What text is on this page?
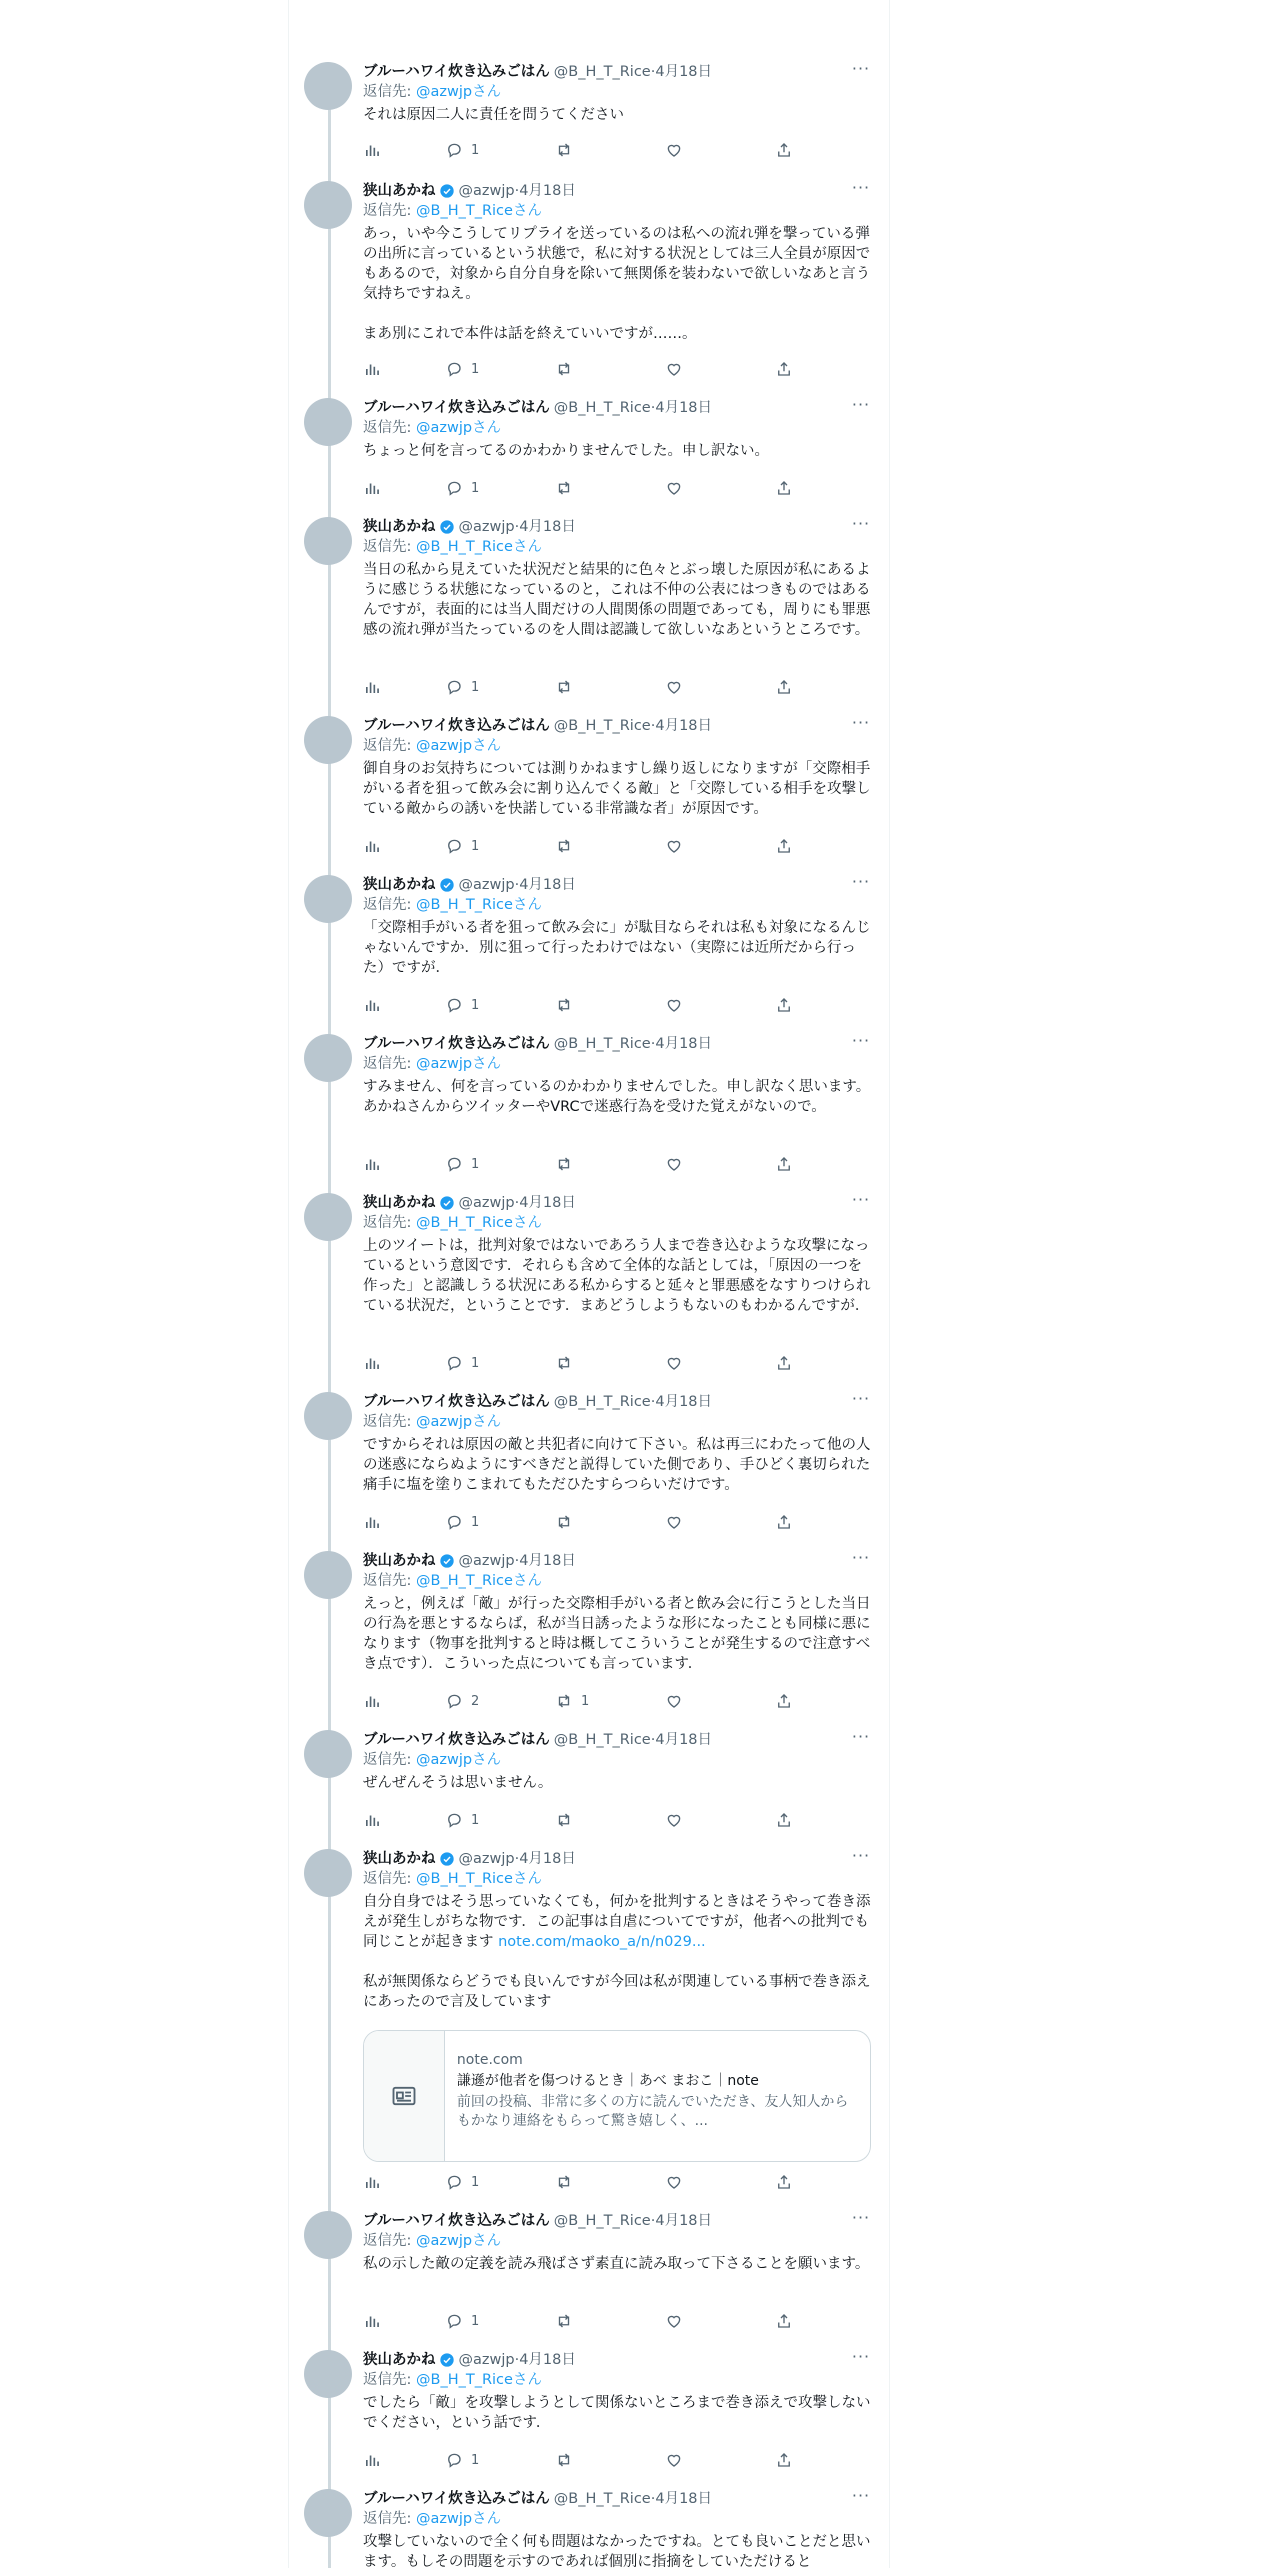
ブルーハワイ炊き込みごはん @B_H_T_Rice · 4月18日	···
返信先: @azwjpさん
それは原因二人に責任を問うてください
1
狭山あかね @azwjp · 4月18日	···
返信先: @B_H_T_Riceさん
あっ，いや今こうしてリプライを送っているのは私への流れ弾を撃っている弾の出所に言っているという状態で，私に対する状況としては三人全員が原因でもあるので，対象から自分自身を除いて無関係を装わないで欲しいなあと言う気持ちですねえ。

まあ別にこれで本件は話を終えていいですが……。
1
ブルーハワイ炊き込みごはん @B_H_T_Rice · 4月18日	···
返信先: @azwjpさん
ちょっと何を言ってるのかわかりませんでした。申し訳ない。
1
狭山あかね @azwjp · 4月18日	···
返信先: @B_H_T_Riceさん
当日の私から見えていた状況だと結果的に色々とぶっ壊した原因が私にあるように感じうる状態になっているのと，これは不仲の公表にはつきものではあるんですが，表面的には当人間だけの人間関係の問題であっても，周りにも罪悪感の流れ弾が当たっているのを人間は認識して欲しいなあというところです。
1
ブルーハワイ炊き込みごはん @B_H_T_Rice · 4月18日	···
返信先: @azwjpさん
御自身のお気持ちについては測りかねますし繰り返しになりますが「交際相手がいる者を狙って飲み会に割り込んでくる敵」と「交際している相手を攻撃している敵からの誘いを快諾している非常識な者」が原因です。
1
狭山あかね @azwjp · 4月18日	···
返信先: @B_H_T_Riceさん
「交際相手がいる者を狙って飲み会に」が駄目ならそれは私も対象になるんじゃないんですか．別に狙って行ったわけではない（実際には近所だから行った）ですが．
1
ブルーハワイ炊き込みごはん @B_H_T_Rice · 4月18日	···
返信先: @azwjpさん
すみません、何を言っているのかわかりませんでした。申し訳なく思います。あかねさんからツイッターやVRCで迷惑行為を受けた覚えがないので。
1
狭山あかね @azwjp · 4月18日	···
返信先: @B_H_T_Riceさん
上のツイートは，批判対象ではないであろう人まで巻き込むような攻撃になっているという意図です．それらも含めて全体的な話としては，「原因の一つを作った」と認識しうる状況にある私からすると延々と罪悪感をなすりつけられている状況だ，ということです．まあどうしようもないのもわかるんですが．
1
ブルーハワイ炊き込みごはん @B_H_T_Rice · 4月18日	···
返信先: @azwjpさん
ですからそれは原因の敵と共犯者に向けて下さい。私は再三にわたって他の人の迷惑にならぬようにすべきだと説得していた側であり、手ひどく裏切られた痛手に塩を塗りこまれてもただひたすらつらいだけです。
1
狭山あかね @azwjp · 4月18日	···
返信先: @B_H_T_Riceさん
えっと，例えば「敵」が行った交際相手がいる者と飲み会に行こうとした当日の行為を悪とするならば，私が当日誘ったような形になったことも同様に悪になります（物事を批判すると時は概してこういうことが発生するので注意すべき点です）．こういった点についても言っています．
2	1
ブルーハワイ炊き込みごはん @B_H_T_Rice · 4月18日	···
返信先: @azwjpさん
ぜんぜんそうは思いません。
1
狭山あかね @azwjp · 4月18日	···
返信先: @B_H_T_Riceさん
自分自身ではそう思っていなくても，何かを批判するときはそうやって巻き添えが発生しがちな物です．この記事は自虐についてですが，他者への批判でも同じことが起きます note.com/maoko_a/n/n029...

私が無関係ならどうでも良いんですが今回は私が関連している事柄で巻き添えにあったので言及しています
note.com
謙遜が他者を傷つけるとき｜あべ まおこ｜note
前回の投稿、非常に多くの方に読んでいただき、友人知人からもかなり連絡をもらって驚き嬉しく、...
1
ブルーハワイ炊き込みごはん @B_H_T_Rice · 4月18日	···
返信先: @azwjpさん
私の示した敵の定義を読み飛ばさず素直に読み取って下さることを願います。
1
狭山あかね @azwjp · 4月18日	···
返信先: @B_H_T_Riceさん
でしたら「敵」を攻撃しようとして関係ないところまで巻き添えで攻撃しないでください，という話です．
1
ブルーハワイ炊き込みごはん @B_H_T_Rice · 4月18日	···
返信先: @azwjpさん
攻撃していないので全く何も問題はなかったですね。とても良いことだと思います。もしその問題を示すのであれば個別に指摘をしていただけると
